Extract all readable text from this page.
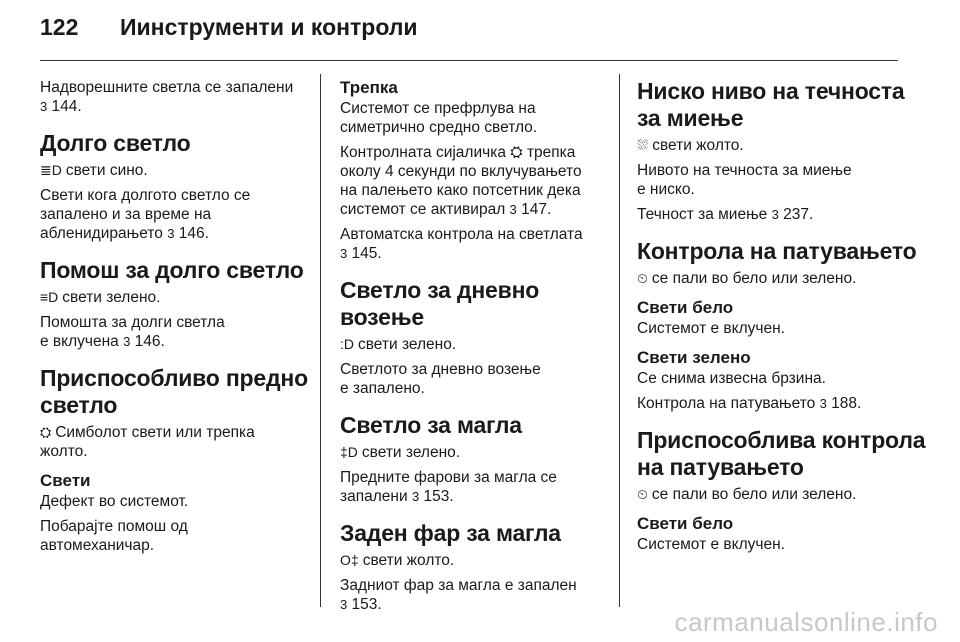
122 Иинструменти и контроли

Надворешните светла се запалени
3 144.

Долго светло

≣D свети сино.

Свети кога долгото светло се
запалено и за време на
абленидирањето 3 146.

Помош за долго светло

≡D свети зелено.

Помошта за долги светла
е вклучена 3 146.

Приспособливо предно
светло

⛭ Симболот свети или трепка
жолто.

Свети

Дефект во системот.

Побарајте помош од
автомеханичар.

Трепка

Системот се префрлува на
симетрично средно светло.

Контролната сијаличка ⛭ трепка
околу 4 секунди по вклучувањето
на палењето како потсетник дека
системот се активирал 3 147.

Автоматска контрола на светлата
3 145.

Светло за дневно возење

:D свети зелено.

Светлото за дневно возење
е запалено.

Светло за магла

‡D свети зелено.

Предните фарови за магла се
запалени 3 153.

Заден фар за магла

O‡ свети жолто.

Задниот фар за магла е запален
3 153.

Ниско ниво на течноста
за миење

⛆ свети жолто.

Нивото на течноста за миење
е ниско.

Течност за миење 3 237.

Контрола на патувањето

⏲ се пали во бело или зелено.

Свети бело

Системот е вклучен.

Свети зелено

Се снима извесна брзина.

Контрола на патувањето 3 188.

Приспособлива контрола
на патувањето

⏲ се пали во бело или зелено.

Свети бело

Системот е вклучен.

carmanualsonline.info
